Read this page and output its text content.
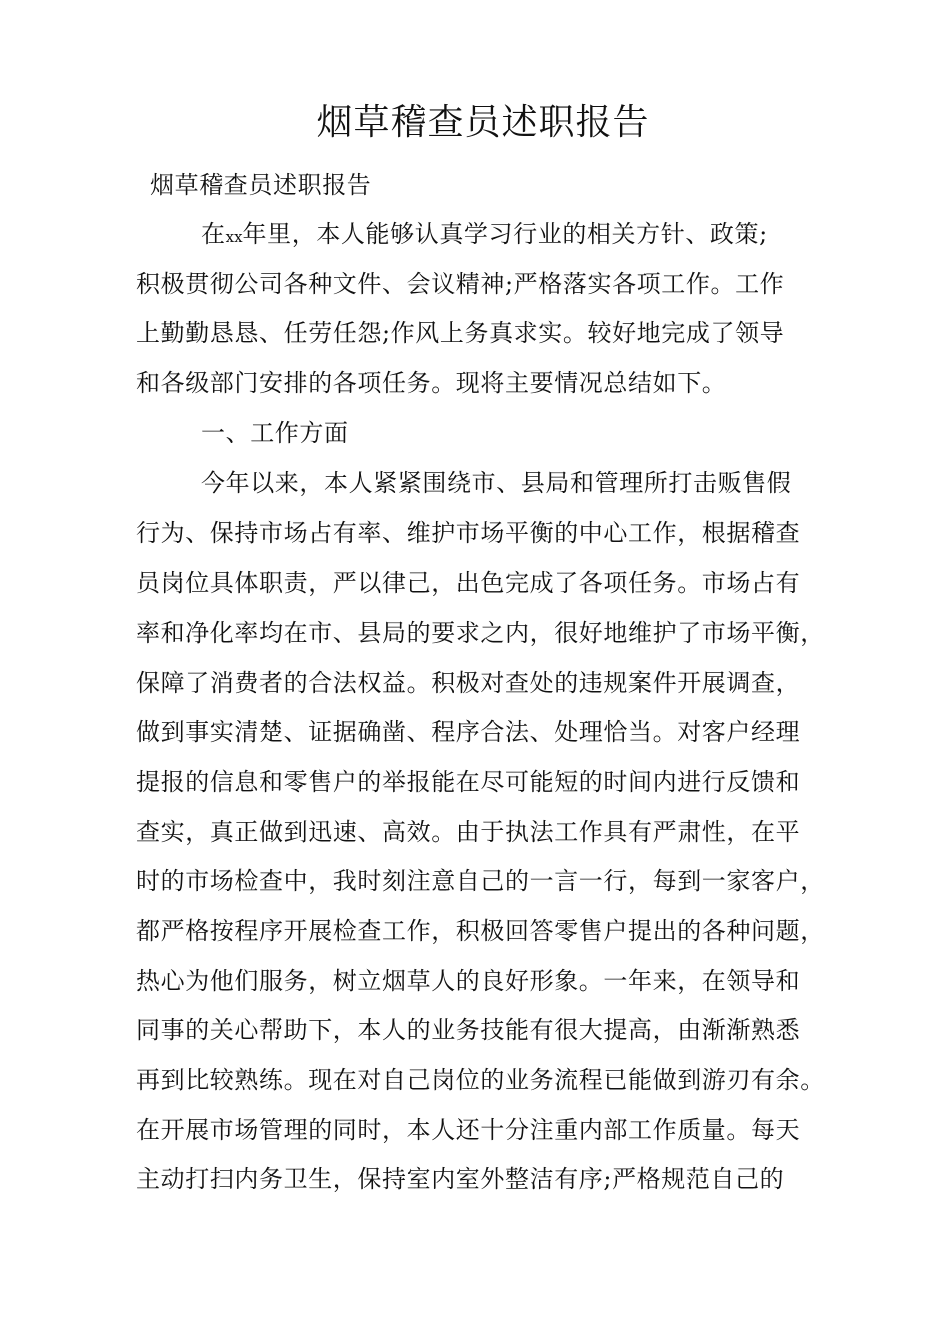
烟草稽查员述职报告
烟草稽查员述职报告
在xx年里，本人能够认真学习行业的相关方针、政策;
积极贯彻公司各种文件、会议精神;严格落实各项工作。工作
上勤勤恳恳、任劳任怨;作风上务真求实。较好地完成了领导
和各级部门安排的各项任务。现将主要情况总结如下。
一、工作方面
今年以来，本人紧紧围绕市、县局和管理所打击贩售假
行为、保持市场占有率、维护市场平衡的中心工作，根据稽查
员岗位具体职责，严以律己，出色完成了各项任务。市场占有
率和净化率均在市、县局的要求之内，很好地维护了市场平衡，
保障了消费者的合法权益。积极对查处的违规案件开展调查，
做到事实清楚、证据确凿、程序合法、处理恰当。对客户经理
提报的信息和零售户的举报能在尽可能短的时间内进行反馈和
查实，真正做到迅速、高效。由于执法工作具有严肃性，在平
时的市场检查中，我时刻注意自己的一言一行，每到一家客户，
都严格按程序开展检查工作，积极回答零售户提出的各种问题，
热心为他们服务，树立烟草人的良好形象。一年来，在领导和
同事的关心帮助下，本人的业务技能有很大提高，由渐渐熟悉
再到比较熟练。现在对自己岗位的业务流程已能做到游刃有余。
在开展市场管理的同时，本人还十分注重内部工作质量。每天
主动打扫内务卫生，保持室内室外整洁有序;严格规范自己的
